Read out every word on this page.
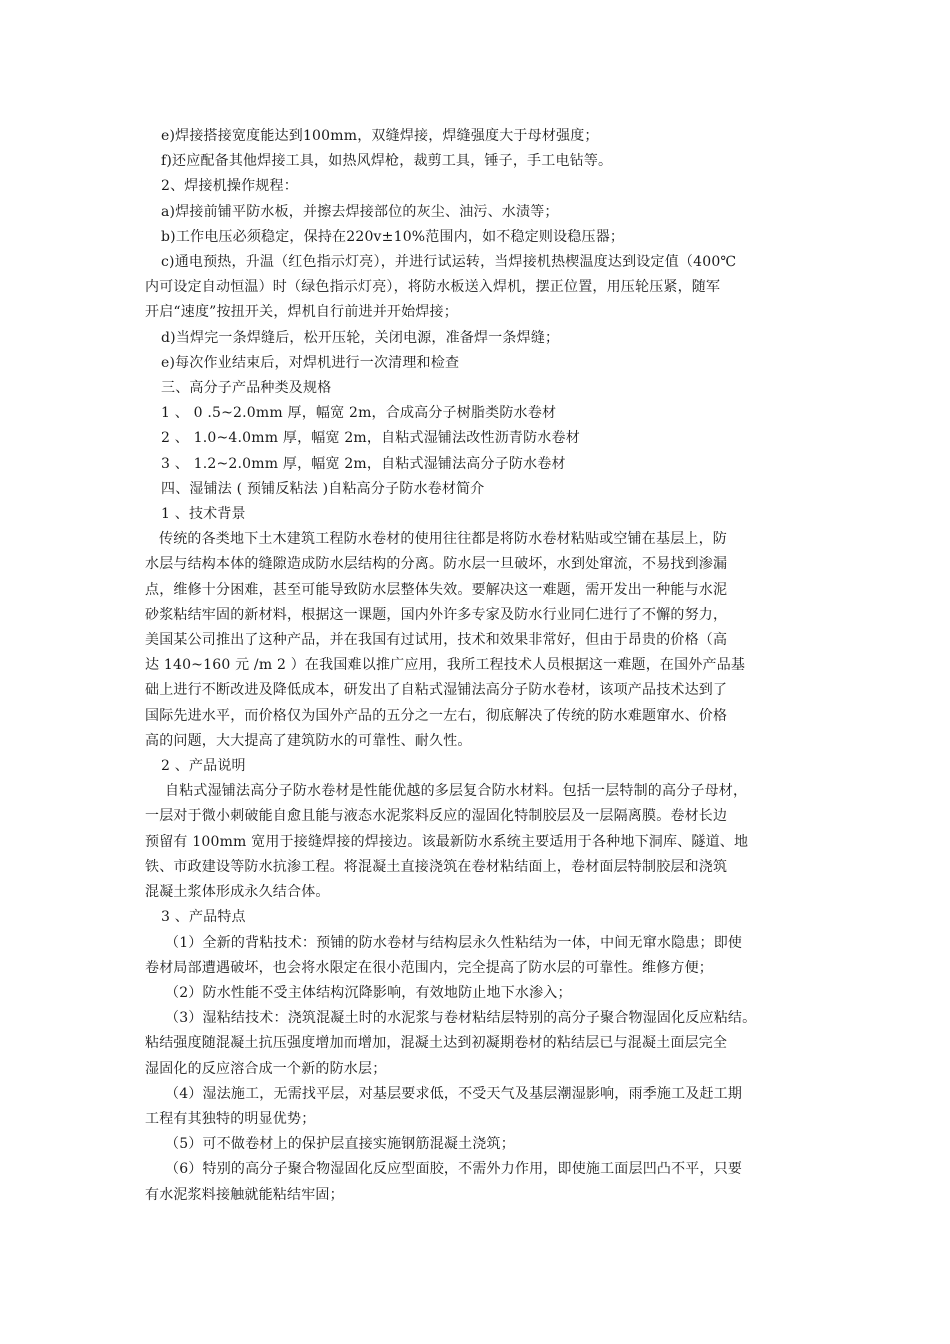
e)焊接搭接宽度能达到100mm，双缝焊接，焊缝强度大于母材强度；

f)还应配备其他焊接工具，如热风焊枪，裁剪工具，锤子，手工电钻等。

2、焊接机操作规程：

a)焊接前铺平防水板，并擦去焊接部位的灰尘、油污、水渍等；

b)工作电压必须稳定，保持在220v±10%范围内，如不稳定则设稳压器；

c)通电预热，升温（红色指示灯亮），并进行试运转，当焊接机热楔温度达到设定值（400℃

内可设定自动恒温）时（绿色指示灯亮），将防水板送入焊机，摆正位置，用压轮压紧，随军

开启“速度”按扭开关，焊机自行前进并开始焊接；

d)当焊完一条焊缝后，松开压轮，关闭电源，准备焊一条焊缝；

e)每次作业结束后，对焊机进行一次清理和检查

三、高分子产品种类及规格

1 、 0 .5~2.0mm 厚，幅宽 2m，合成高分子树脂类防水卷材

2 、 1.0~4.0mm 厚，幅宽 2m，自粘式湿铺法改性沥青防水卷材

3 、 1.2~2.0mm 厚，幅宽 2m，自粘式湿铺法高分子防水卷材

四、湿铺法 ( 预铺反粘法 )自粘高分子防水卷材简介

1 、技术背景

传统的各类地下土木建筑工程防水卷材的使用往往都是将防水卷材粘贴或空铺在基层上，防

水层与结构本体的缝隙造成防水层结构的分离。防水层一旦破坏，水到处窜流，不易找到渗漏

点，维修十分困难，甚至可能导致防水层整体失效。要解决这一难题，需开发出一种能与水泥

砂浆粘结牢固的新材料，根据这一课题，国内外许多专家及防水行业同仁进行了不懈的努力，

美国某公司推出了这种产品，并在我国有过试用，技术和效果非常好，但由于昂贵的价格（高

达 140~160 元 /m 2 ）在我国难以推广应用，我所工程技术人员根据这一难题，在国外产品基

础上进行不断改进及降低成本，研发出了自粘式湿铺法高分子防水卷材，该项产品技术达到了

国际先进水平，而价格仅为国外产品的五分之一左右，彻底解决了传统的防水难题窜水、价格

高的问题，大大提高了建筑防水的可靠性、耐久性。

2 、产品说明

自粘式湿铺法高分子防水卷材是性能优越的多层复合防水材料。包括一层特制的高分子母材，

一层对于微小刺破能自愈且能与液态水泥浆料反应的湿固化特制胶层及一层隔离膜。卷材长边

预留有 100mm 宽用于接缝焊接的焊接边。该最新防水系统主要适用于各种地下洞库、隧道、地

铁、市政建设等防水抗渗工程。将混凝土直接浇筑在卷材粘结面上，卷材面层特制胶层和浇筑

混凝土浆体形成永久结合体。

3 、产品特点

（1）全新的背粘技术：预铺的防水卷材与结构层永久性粘结为一体，中间无窜水隐患；即使

卷材局部遭遇破坏，也会将水限定在很小范围内，完全提高了防水层的可靠性。维修方便；

（2）防水性能不受主体结构沉降影响，有效地防止地下水渗入；

（3）湿粘结技术：浇筑混凝土时的水泥浆与卷材粘结层特别的高分子聚合物湿固化反应粘结。

粘结强度随混凝土抗压强度增加而增加，混凝土达到初凝期卷材的粘结层已与混凝土面层完全

湿固化的反应溶合成一个新的防水层；

（4）湿法施工，无需找平层，对基层要求低，不受天气及基层潮湿影响，雨季施工及赶工期

工程有其独特的明显优势；

（5）可不做卷材上的保护层直接实施钢筋混凝土浇筑；

（6）特别的高分子聚合物湿固化反应型面胶，不需外力作用，即使施工面层凹凸不平，只要

有水泥浆料接触就能粘结牢固；
